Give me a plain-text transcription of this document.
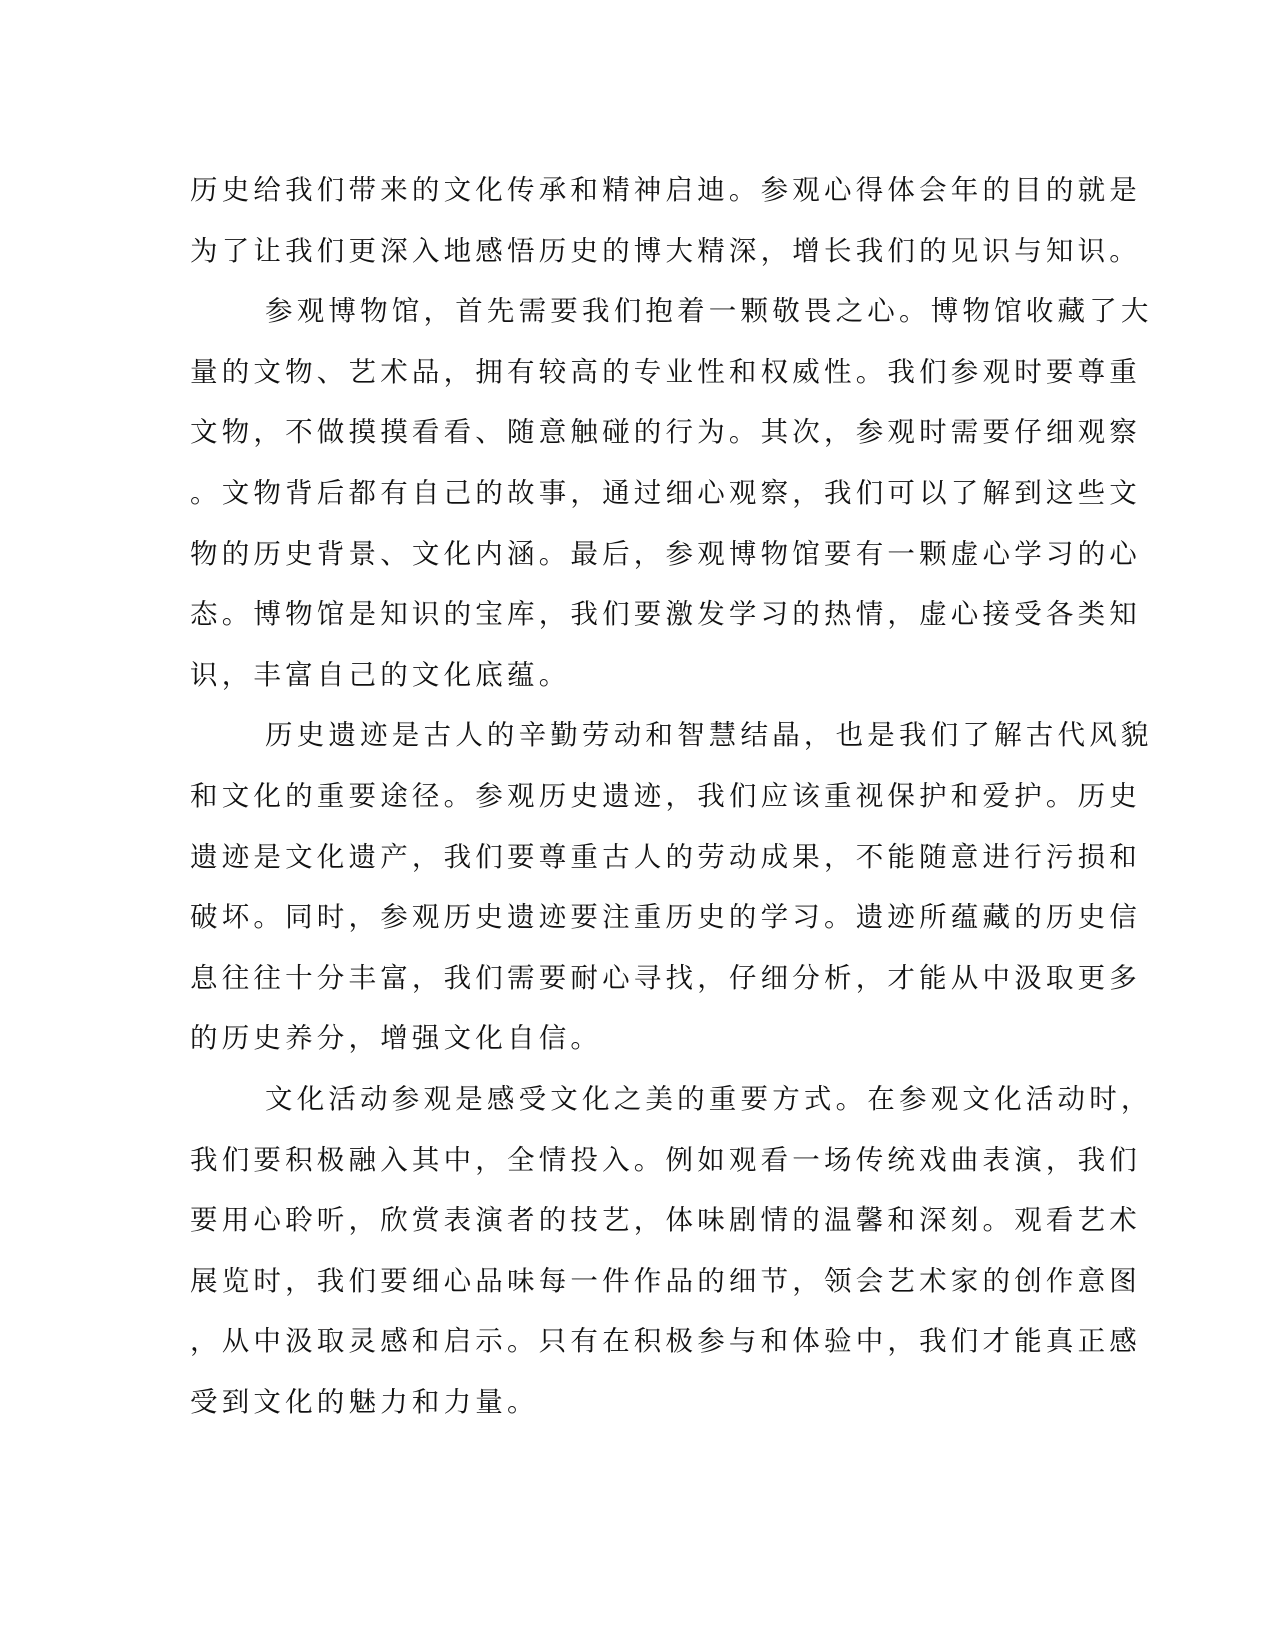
历史给我们带来的文化传承和精神启迪。参观心得体会年的目的就是
为了让我们更深入地感悟历史的博大精深，增长我们的见识与知识。
参观博物馆，首先需要我们抱着一颗敬畏之心。博物馆收藏了大
量的文物、艺术品，拥有较高的专业性和权威性。我们参观时要尊重
文物，不做摸摸看看、随意触碰的行为。其次，参观时需要仔细观察
。文物背后都有自己的故事，通过细心观察，我们可以了解到这些文
物的历史背景、文化内涵。最后，参观博物馆要有一颗虚心学习的心
态。博物馆是知识的宝库，我们要激发学习的热情，虚心接受各类知
识，丰富自己的文化底蕴。
历史遗迹是古人的辛勤劳动和智慧结晶，也是我们了解古代风貌
和文化的重要途径。参观历史遗迹，我们应该重视保护和爱护。历史
遗迹是文化遗产，我们要尊重古人的劳动成果，不能随意进行污损和
破坏。同时，参观历史遗迹要注重历史的学习。遗迹所蕴藏的历史信
息往往十分丰富，我们需要耐心寻找，仔细分析，才能从中汲取更多
的历史养分，增强文化自信。
文化活动参观是感受文化之美的重要方式。在参观文化活动时，
我们要积极融入其中，全情投入。例如观看一场传统戏曲表演，我们
要用心聆听，欣赏表演者的技艺，体味剧情的温馨和深刻。观看艺术
展览时，我们要细心品味每一件作品的细节，领会艺术家的创作意图
，从中汲取灵感和启示。只有在积极参与和体验中，我们才能真正感
受到文化的魅力和力量。
